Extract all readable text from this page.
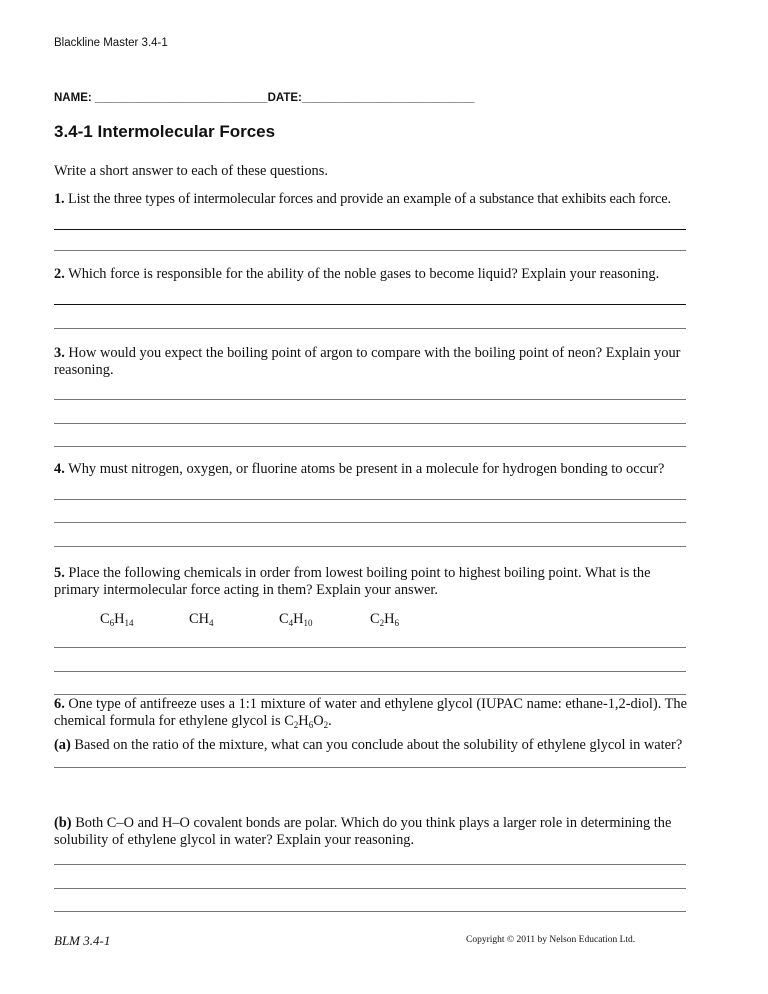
Blackline Master 3.4-1
NAME: ___________________________DATE:___________________________
3.4-1 Intermolecular Forces
Write a short answer to each of these questions.
1. List the three types of intermolecular forces and provide an example of a substance that exhibits each force.
2. Which force is responsible for the ability of the noble gases to become liquid? Explain your reasoning.
3. How would you expect the boiling point of argon to compare with the boiling point of neon? Explain your reasoning.
4. Why must nitrogen, oxygen, or fluorine atoms be present in a molecule for hydrogen bonding to occur?
5. Place the following chemicals in order from lowest boiling point to highest boiling point. What is the primary intermolecular force acting in them? Explain your answer.
$C_6H_{14}$	$CH_4$	$C_4H_{10}$	$C_2H_6$
6. One type of antifreeze uses a 1:1 mixture of water and ethylene glycol (IUPAC name: ethane-1,2-diol). The chemical formula for ethylene glycol is $C_2H_6O_2$.
(a) Based on the ratio of the mixture, what can you conclude about the solubility of ethylene glycol in water?
(b) Both C–O and H–O covalent bonds are polar. Which do you think plays a larger role in determining the solubility of ethylene glycol in water? Explain your reasoning.
BLM 3.4-1	Copyright © 2011 by Nelson Education Ltd.
